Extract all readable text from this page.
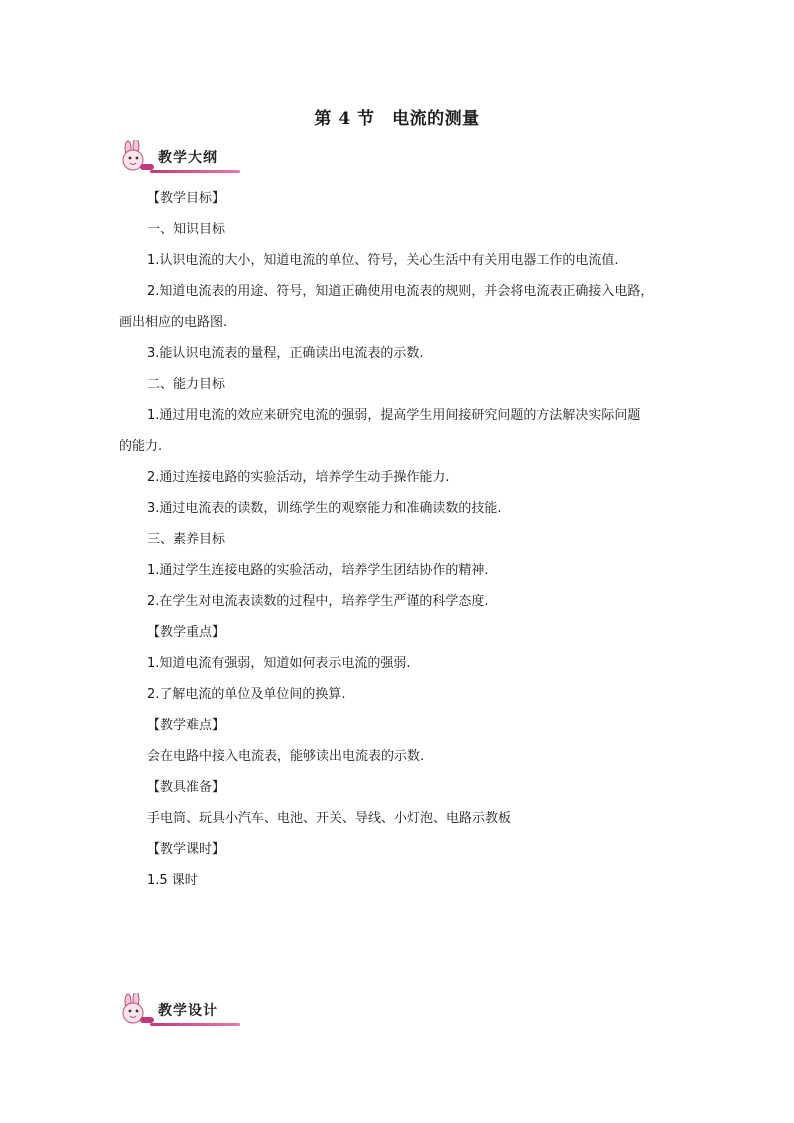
第 4 节　电流的测量
教学大纲
【教学目标】
一、知识目标
1.认识电流的大小，知道电流的单位、符号，关心生活中有关用电器工作的电流值.
2.知道电流表的用途、符号，知道正确使用电流表的规则，并会将电流表正确接入电路，
画出相应的电路图.
3.能认识电流表的量程，正确读出电流表的示数.
二、能力目标
1.通过用电流的效应来研究电流的强弱，提高学生用间接研究问题的方法解决实际问题
的能力.
2.通过连接电路的实验活动，培养学生动手操作能力.
3.通过电流表的读数，训练学生的观察能力和准确读数的技能.
三、素养目标
1.通过学生连接电路的实验活动，培养学生团结协作的精神.
2.在学生对电流表读数的过程中，培养学生严谨的科学态度.
【教学重点】
1.知道电流有强弱，知道如何表示电流的强弱.
2.了解电流的单位及单位间的换算.
【教学难点】
会在电路中接入电流表，能够读出电流表的示数.
【教具准备】
手电筒、玩具小汽车、电池、开关、导线、小灯泡、电路示教板
【教学课时】
1.5 课时
教学设计
